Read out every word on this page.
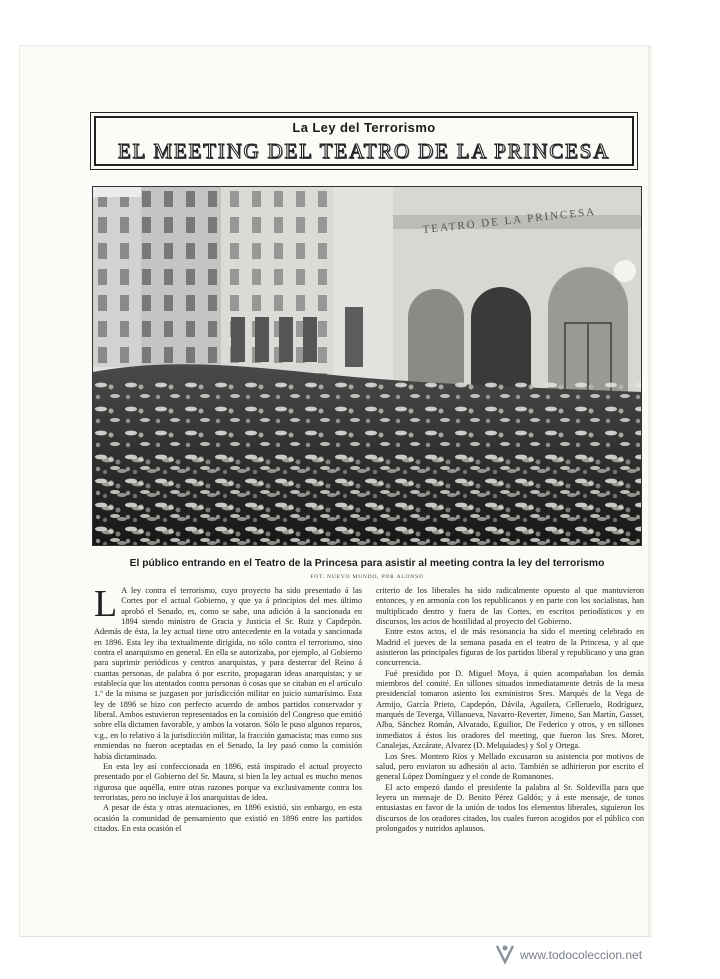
La Ley del Terrorismo
EL MEETING DEL TEATRO DE LA PRINCESA
TEATRO DE LA PRINCESA
El público entrando en el Teatro de la Princesa para asistir al meeting contra la ley del terrorismo
FOT. NUEVO MUNDO, POR ALONSO
L A ley contra el terrorismo, cuyo proyecto ha sido presentado á las Cortes por el actual Gobierno, y que ya á principios del mes último aprobó el Senado, es, como se sabe, una adición á la sancionada en 1894 siendo ministro de Gracia y Justicia el Sr. Ruiz y Capdepón. Además de ésta, la ley actual tiene otro antecedente en la votada y sancionada en 1896. Esta ley iba textualmente dirigida, no sólo contra el terrorismo, sino contra el anarquismo en general. En ella se autorizaba, por ejemplo, al Gobierno para suprimir periódicos y centros anarquistas, y para desterrar del Reino á cuantas personas, de palabra ó por escrito, propagaran ideas anarquistas; y se establecía que los atentados contra personas ó cosas que se citaban en el artículo 1.º de la misma se juzgasen por jurisdicción militar en juicio sumarísimo. Esta ley de 1896 se hizo con perfecto acuerdo de ambos partidos conservador y liberal. Ambos estuvieron representados en la comisión del Congreso que emitió sobre ella dictamen favorable, y ambos la votaron. Sólo le puso algunos reparos, v.g., en lo relativo á la jurisdicción militar, la fracción gamacista; mas como sus enmiendas no fueron aceptadas en el Senado, la ley pasó como la comisión había dictaminado.

En esta ley así confeccionada en 1896, está inspirado el actual proyecto presentado por el Gobierno del Sr. Maura, si bien la ley actual es mucho menos rigurosa que aquélla, entre otras razones porque va exclusivamente contra los terroristas, pero no incluye á los anarquistas de idea.

A pesar de ésta y otras atenuaciones, en 1896 existió, sin embargo, en esta ocasión la comunidad de pensamiento que existió en 1896 entre los partidos citados. En esta ocasión el

criterio de los liberales ha sido radicalmente opuesto al que mantuvieron entonces, y en armonía con los republicanos y en parte con los socialistas, han multiplicado dentro y fuera de las Cortes, en escritos periodísticos y en discursos, los actos de hostilidad al proyecto del Gobierno.

Entre estos actos, el de más resonancia ha sido el meeting celebrado en Madrid el jueves de la semana pasada en el teatro de la Princesa, y al que asistieron las principales figuras de los partidos liberal y republicano y una gran concurrencia.

Fué presidido por D. Miguel Moya, á quien acompañaban los demás miembros del comité. En sillones situados inmediatamente detrás de la mesa presidencial tomaron asiento los exministros Sres. Marqués de la Vega de Armijo, García Prieto, Capdepón, Dávila, Aguilera, Celleruelo, Rodríguez, marqués de Teverga, Villanueva, Navarro-Reverter, Jimeno, San Martín, Gasset, Alba, Sánchez Román, Alvarado, Eguilior, De Federico y otros, y en sillones inmediatos á éstos los oradores del meeting, que fueron los Sres. Moret, Canalejas, Azcárate, Alvarez (D. Melquíades) y Sol y Ortega.

Los Sres. Montero Ríos y Mellado excusaron su asistencia por motivos de salud, pero enviaron su adhesión al acto. También se adhirieron por escrito el general López Domínguez y el conde de Romanones.

El acto empezó dando el presidente la palabra al Sr. Soldevilla para que leyera un mensaje de D. Benito Pérez Galdós; y á este mensaje, de tonos entusiastas en favor de la unión de todos los elementos liberales, siguieron los discursos de los oradores citados, los cuales fueron acogidos por el público con prolongados y nutridos aplausos.

www.todocoleccion.net
